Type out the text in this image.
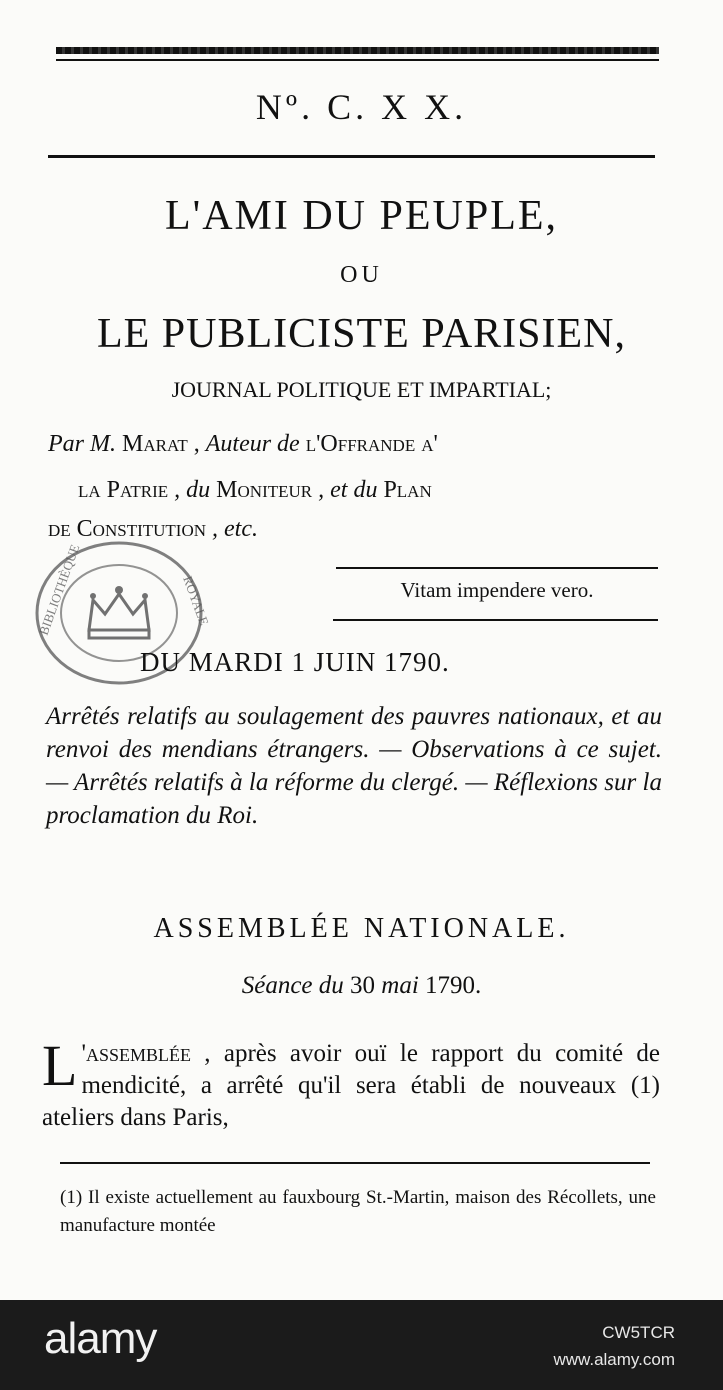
Nº. C. X X.
L'AMI DU PEUPLE,
OU
LE PUBLICISTE PARISIEN,
JOURNAL POLITIQUE ET IMPARTIAL;
Par M. Marat , Auteur de l'Offrande a'
la Patrie , du Moniteur , et du Plan
de Constitution , etc.
Vitam impendere vero.
BIBLIOTHÈQUE	ROYALE
DU MARDI 1 JUIN 1790.
Arrêtés relatifs au soulagement des pauvres nationaux, et au renvoi des mendians étrangers. — Observations à ce sujet. — Arrêtés relatifs à la réforme du clergé. — Réflexions sur la proclamation du Roi.
ASSEMBLÉE NATIONALE.
Séance du 30 mai 1790.
L 'assemblée , après avoir ouï le rapport du comité de mendicité, a arrêté qu'il sera établi de nouveaux (1) ateliers dans Paris,
(1) Il existe actuellement au fauxbourg St.-Martin, maison des Récollets, une manufacture montée
alamy	CW5TCR
www.alamy.com
